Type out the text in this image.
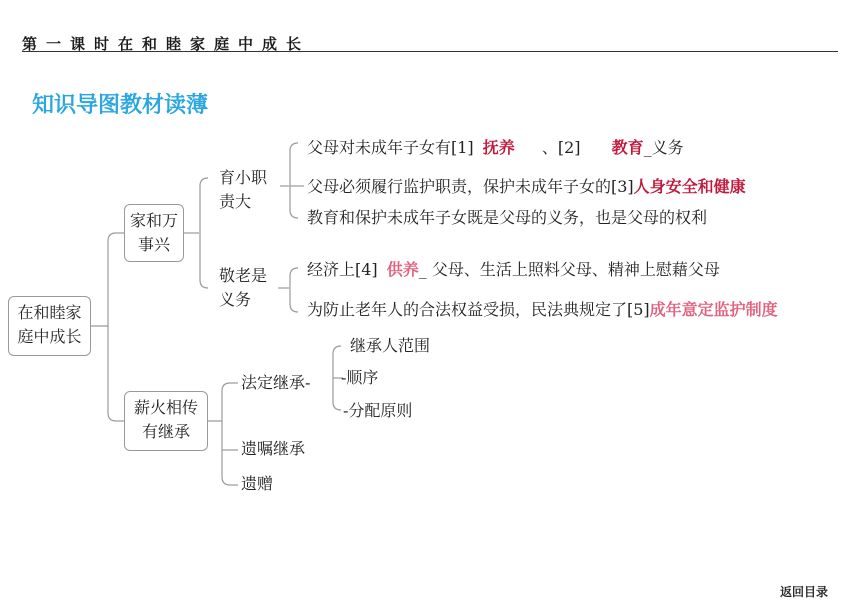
第一课时在和睦家庭中成长
知识导图教材读薄
在和睦家庭中成长
家和万事兴
育小职责大
父母对未成年子女有[1] 抚养 、[2] 教育_义务
父母必须履行监护职责，保护未成年子女的[3]人身安全和健康
教育和保护未成年子女既是父母的义务，也是父母的权利
敬老是义务
经济上[4] 供养_ 父母、生活上照料父母、精神上慰藉父母
为防止老年人的合法权益受损，民法典规定了[5]成年意定监护制度
薪火相传有继承
法定继承-
继承人范围
-顺序
-分配原则
遗嘱继承
遗赠
返回目录
